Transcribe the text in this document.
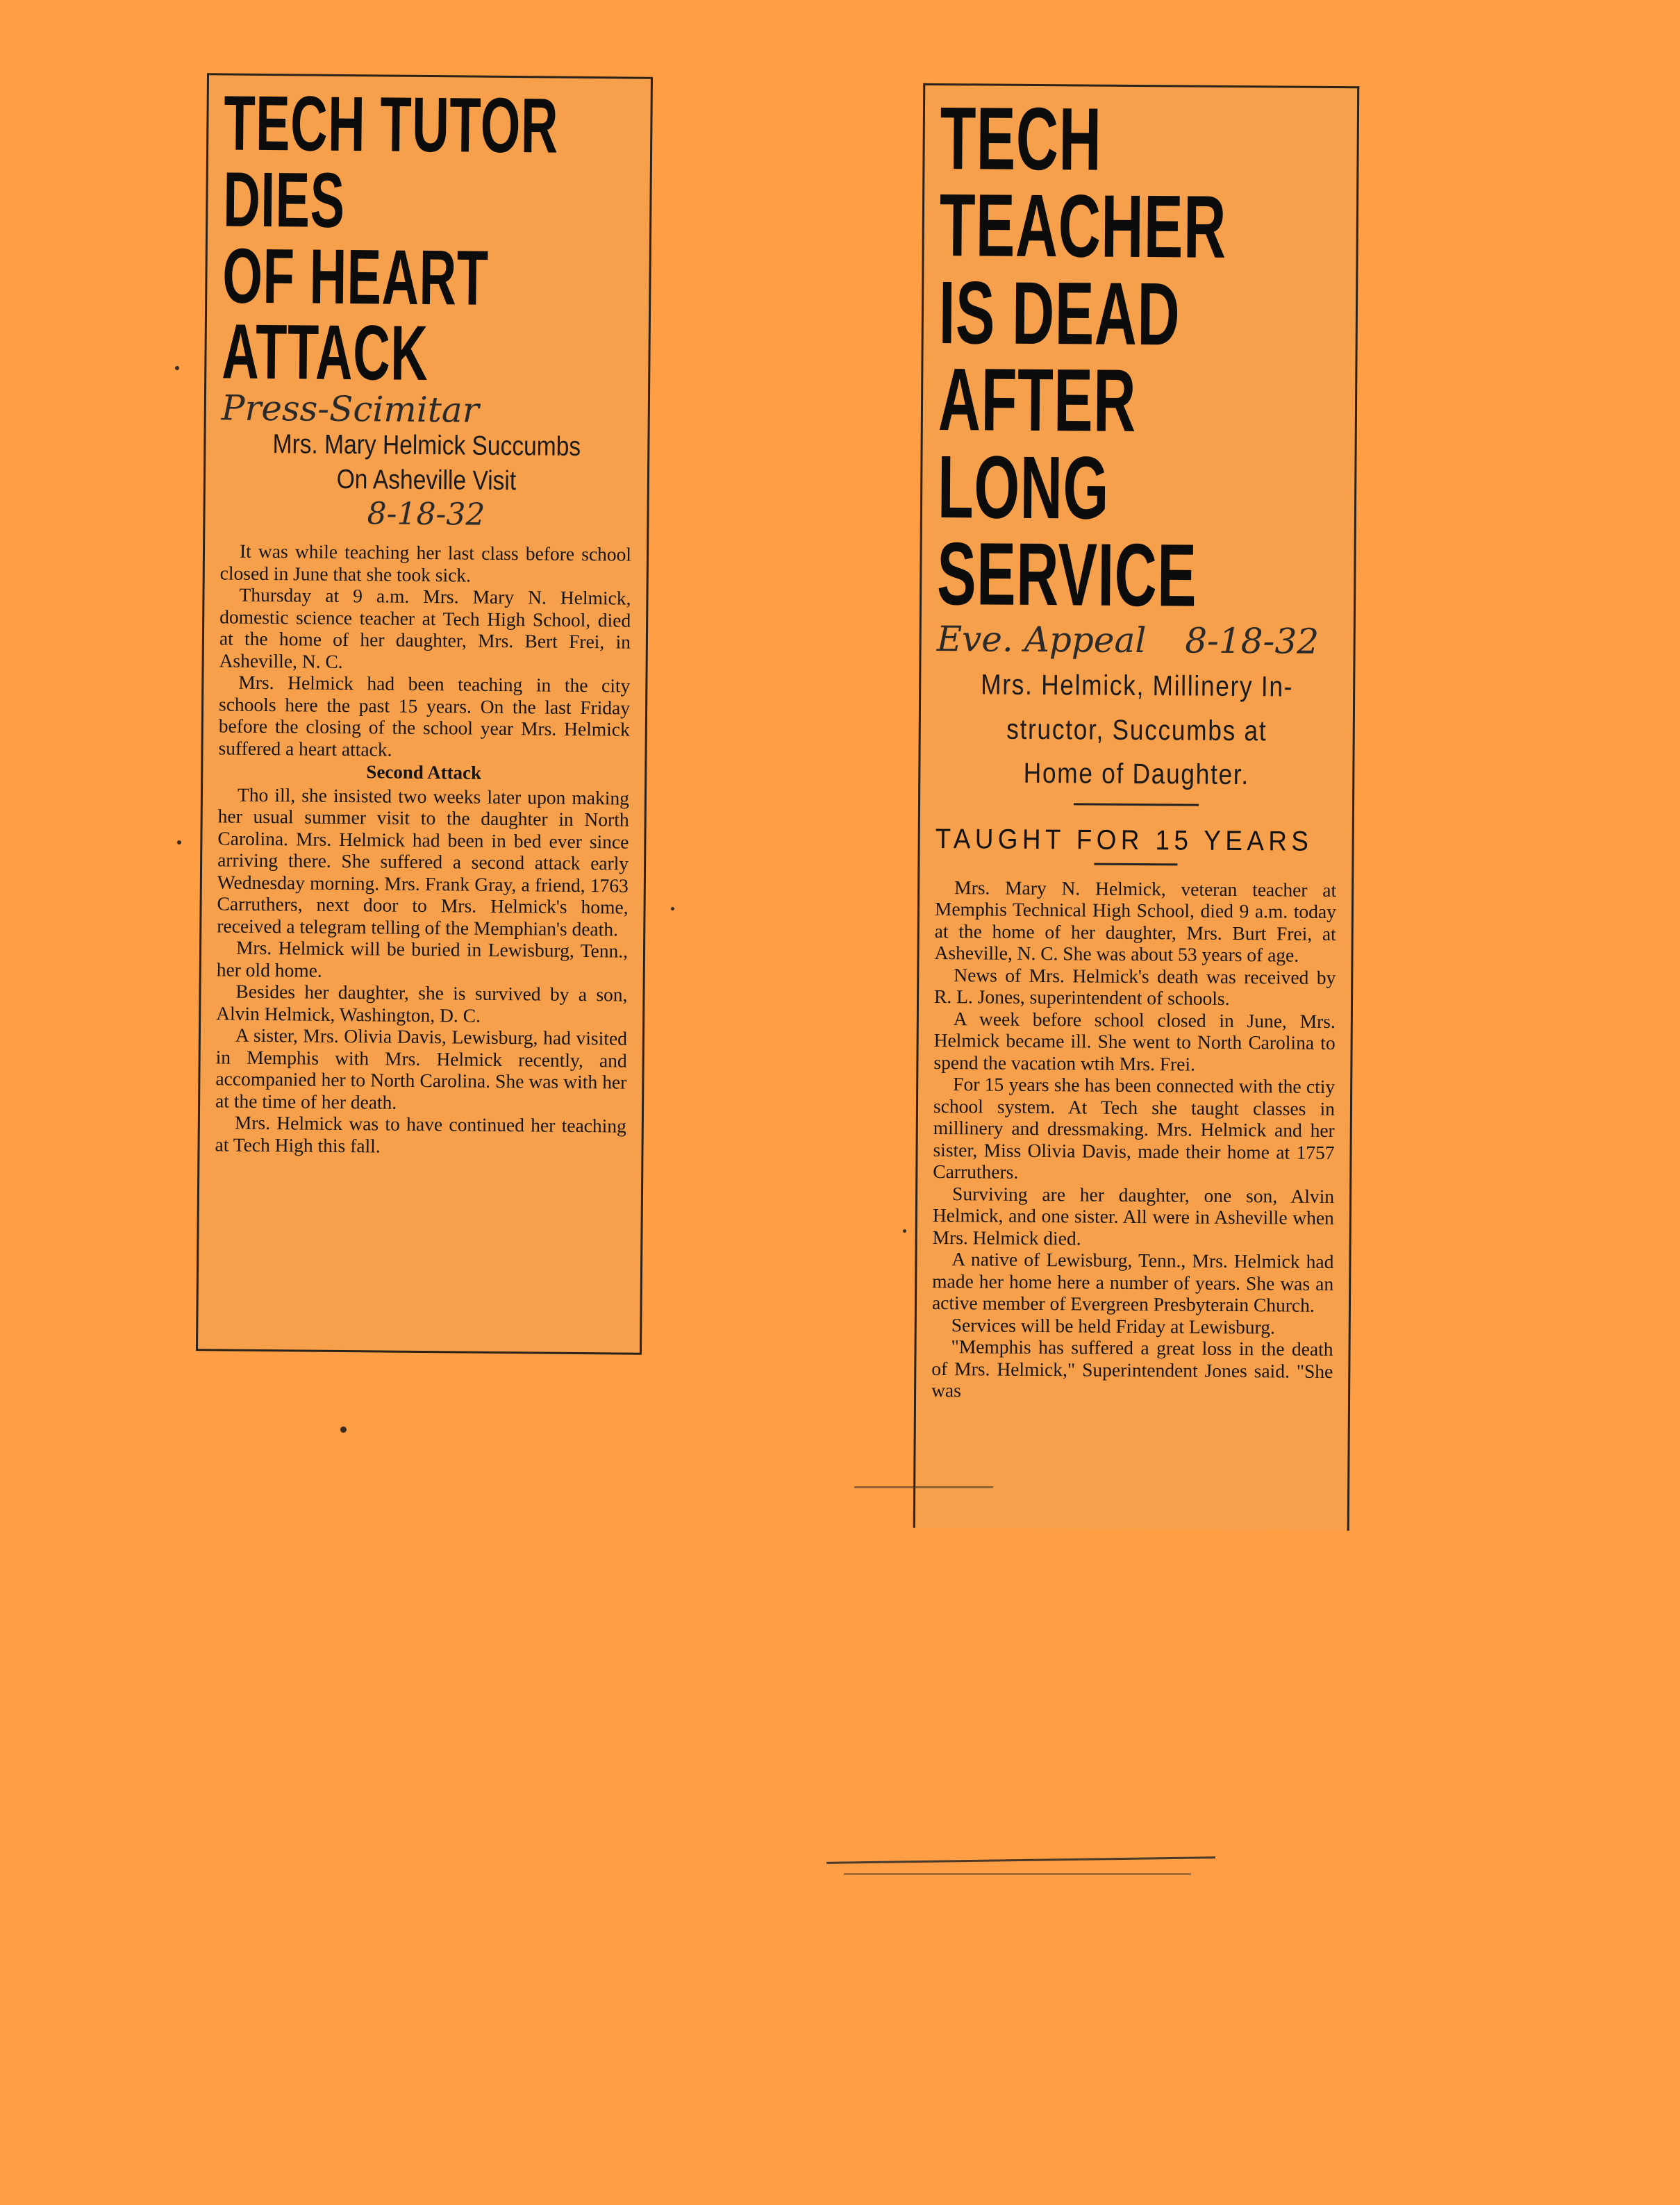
TECH TUTOR DIES
OF HEART ATTACK

Press-Scimitar

Mrs. Mary Helmick Succumbs
On Asheville Visit

8-18-32

It was while teaching her last class before school closed in June that she took sick.

Thursday at 9 a.m. Mrs. Mary N. Helmick, domestic science teacher at Tech High School, died at the home of her daughter, Mrs. Bert Frei, in Asheville, N. C.

Mrs. Helmick had been teaching in the city schools here the past 15 years. On the last Friday before the closing of the school year Mrs. Helmick suffered a heart attack.

Second Attack

Tho ill, she insisted two weeks later upon making her usual summer visit to the daughter in North Carolina. Mrs. Helmick had been in bed ever since arriving there. She suffered a second attack early Wednesday morning. Mrs. Frank Gray, a friend, 1763 Carruthers, next door to Mrs. Helmick's home, received a telegram telling of the Memphian's death.

Mrs. Helmick will be buried in Lewisburg, Tenn., her old home.

Besides her daughter, she is survived by a son, Alvin Helmick, Washington, D. C.

A sister, Mrs. Olivia Davis, Lewisburg, had visited in Memphis with Mrs. Helmick recently, and accompanied her to North Carolina. She was with her at the time of her death.

Mrs. Helmick was to have continued her teaching at Tech High this fall.

TECH TEACHER
IS DEAD AFTER
LONG SERVICE

Eve. Appeal 8-18-32

Mrs. Helmick, Millinery In-
structor, Succumbs at
Home of Daughter.
TAUGHT FOR 15 YEARS

Mrs. Mary N. Helmick, veteran teacher at Memphis Technical High School, died 9 a.m. today at the home of her daughter, Mrs. Burt Frei, at Asheville, N. C. She was about 53 years of age.

News of Mrs. Helmick's death was received by R. L. Jones, superintendent of schools.

A week before school closed in June, Mrs. Helmick became ill. She went to North Carolina to spend the vacation wtih Mrs. Frei.

For 15 years she has been connected with the ctiy school system. At Tech she taught classes in millinery and dressmaking. Mrs. Helmick and her sister, Miss Olivia Davis, made their home at 1757 Carruthers.

Surviving are her daughter, one son, Alvin Helmick, and one sister. All were in Asheville when Mrs. Helmick died.

A native of Lewisburg, Tenn., Mrs. Helmick had made her home here a number of years. She was an active member of Evergreen Presbyterain Church.

Services will be held Friday at Lewisburg.

"Memphis has suffered a great loss in the death of Mrs. Helmick," Superintendent Jones said. "She was
